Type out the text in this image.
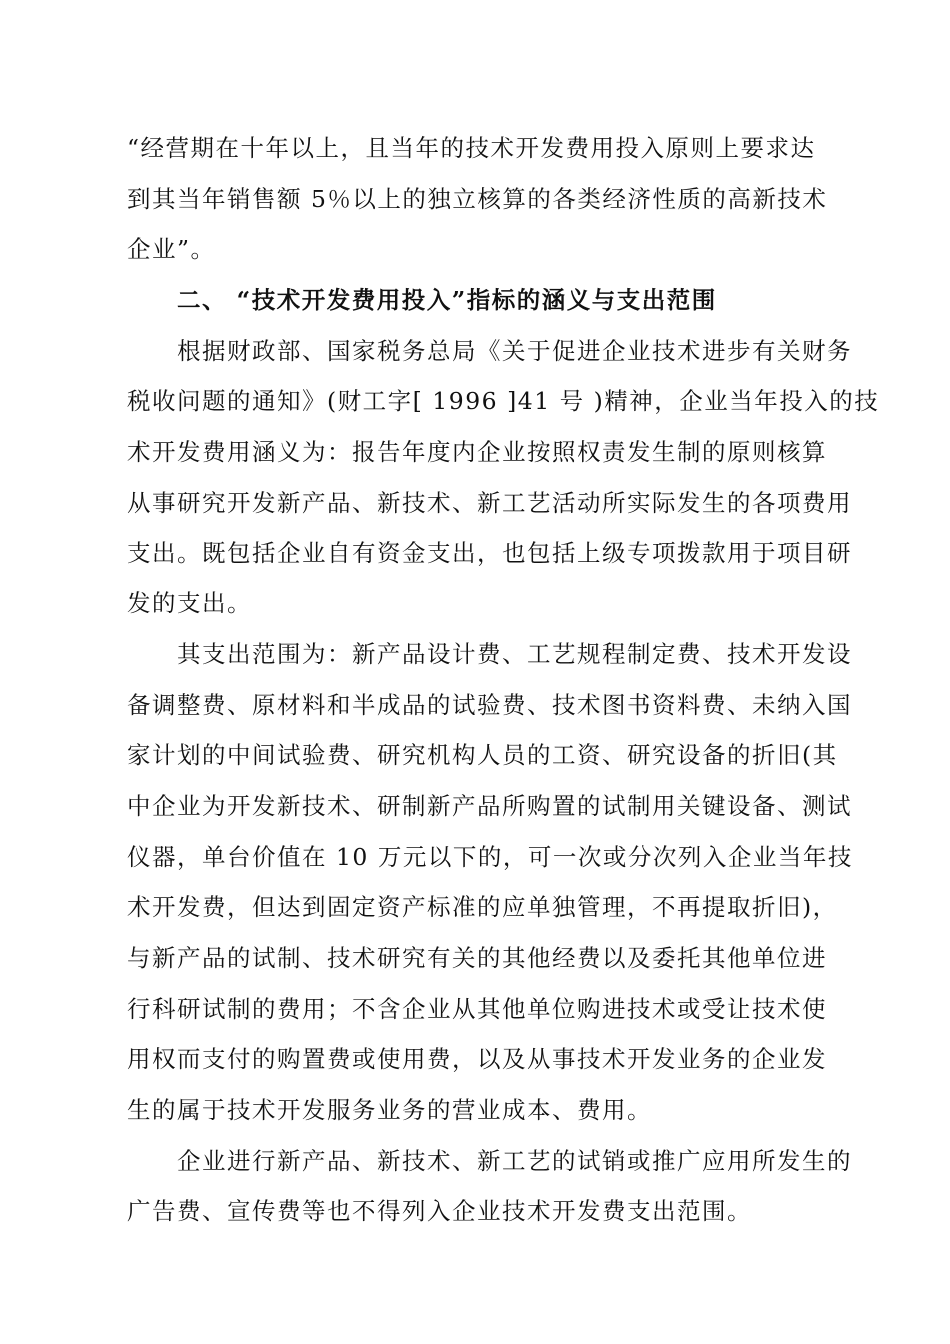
“经营期在十年以上，且当年的技术开发费用投入原则上要求达
到其当年销售额 5％以上的独立核算的各类经济性质的高新技术
企业”。
二、 “技术开发费用投入”指标的涵义与支出范围
根据财政部、国家税务总局《关于促进企业技术进步有关财务
税收问题的通知》(财工字[ 1996 ]41 号 )精神，企业当年投入的技
术开发费用涵义为：报告年度内企业按照权责发生制的原则核算
从事研究开发新产品、新技术、新工艺活动所实际发生的各项费用
支出。既包括企业自有资金支出，也包括上级专项拨款用于项目研
发的支出。
其支出范围为：新产品设计费、工艺规程制定费、技术开发设
备调整费、原材料和半成品的试验费、技术图书资料费、未纳入国
家计划的中间试验费、研究机构人员的工资、研究设备的折旧(其
中企业为开发新技术、研制新产品所购置的试制用关键设备、测试
仪器，单台价值在 10 万元以下的，可一次或分次列入企业当年技
术开发费，但达到固定资产标准的应单独管理，不再提取折旧)，
与新产品的试制、技术研究有关的其他经费以及委托其他单位进
行科研试制的费用；不含企业从其他单位购进技术或受让技术使
用权而支付的购置费或使用费，以及从事技术开发业务的企业发
生的属于技术开发服务业务的营业成本、费用。
企业进行新产品、新技术、新工艺的试销或推广应用所发生的
广告费、宣传费等也不得列入企业技术开发费支出范围。
